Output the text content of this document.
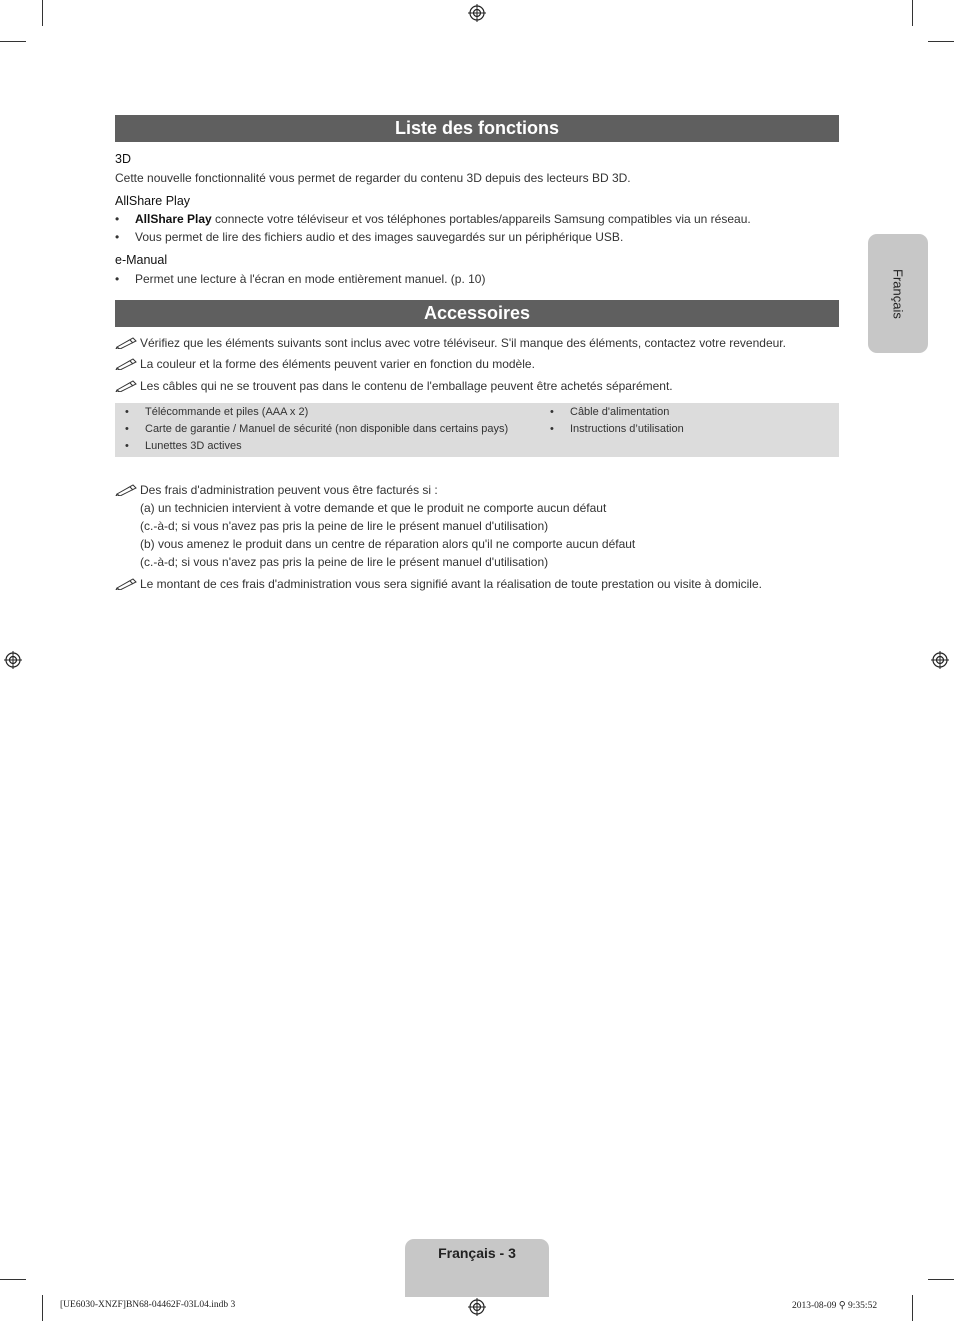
Français
Liste des fonctions
3D
Cette nouvelle fonctionnalité vous permet de regarder du contenu 3D depuis des lecteurs BD 3D.
AllShare Play
• AllShare Play connecte votre téléviseur et vos téléphones portables/appareils Samsung compatibles via un réseau.
• Vous permet de lire des fichiers audio et des images sauvegardés sur un périphérique USB.
e-Manual
• Permet une lecture à l'écran en mode entièrement manuel. (p. 10)
Accessoires
Vérifiez que les éléments suivants sont inclus avec votre téléviseur. S'il manque des éléments, contactez votre revendeur.
La couleur et la forme des éléments peuvent varier en fonction du modèle.
Les câbles qui ne se trouvent pas dans le contenu de l'emballage peuvent être achetés séparément.
• Télécommande et piles (AAA x 2)
• Carte de garantie / Manuel de sécurité (non disponible dans certains pays)
• Lunettes 3D actives
• Câble d'alimentation
• Instructions d’utilisation
Des frais d'administration peuvent vous être facturés si :
(a) un technicien intervient à votre demande et que le produit ne comporte aucun défaut
(c.-à-d; si vous n'avez pas pris la peine de lire le présent manuel d'utilisation)
(b) vous amenez le produit dans un centre de réparation alors qu'il ne comporte aucun défaut
(c.-à-d; si vous n'avez pas pris la peine de lire le présent manuel d'utilisation)
Le montant de ces frais d'administration vous sera signifié avant la réalisation de toute prestation ou visite à domicile.
Français - 3
[UE6030-XNZF]BN68-04462F-03L04.indb 3	2013-08-09 ⚲ 9:35:52
